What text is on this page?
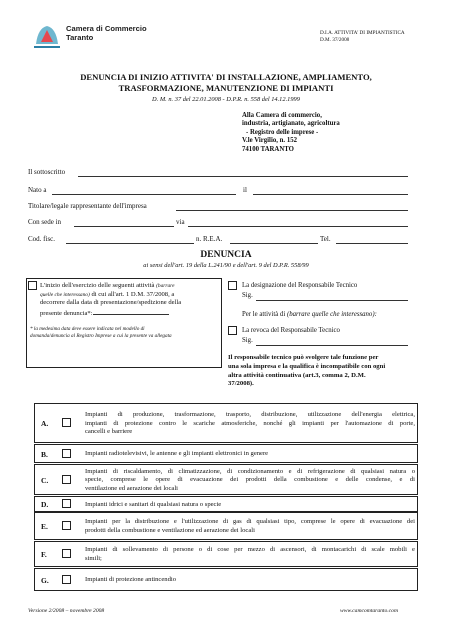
Camera di Commercio
Taranto	D.I.A. ATTIVITA' DI IMPIANTISTICA
D.M. 37/2008
DENUNCIA DI INIZIO ATTIVITA' DI INSTALLAZIONE, AMPLIAMENTO,
TRASFORMAZIONE, MANUTENZIONE DI IMPIANTI
D. M. n. 37 del 22.01.2008 - D.P.R. n. 558 del 14.12.1999
Alla Camera di commercio,
industria, artigianato, agricoltura
- Registro delle imprese -
V.le Virgilio, n. 152
74100 TARANTO
Il sottoscritto
Nato a	il
Titolare/legale rappresentante dell'impresa
Con sede in	via
Cod. fisc.	n. R.E.A.	Tel.
DENUNCIA
ai sensi dell'art. 19 della L.241/90 e dell'art. 9 del D.P.R. 558/99
L'inizio dell'esercizio delle seguenti attività (barrare
quelle che interessano) di cui all'art. 1 D.M. 37/2008, a
decorrere dalla data di presentazione/spedizione della
presente denuncia*:
* la medesima data deve essere indicata nel modello di
domanda/denuncia al Registro Imprese a cui la presente va allegata
La designazione del Responsabile Tecnico
Sig.
Per le attività di (barrare quelle che interessano):
La revoca del Responsabile Tecnico
Sig.
Il responsabile tecnico può svolgere tale funzione per
una sola impresa e la qualifica è incompatibile con ogni
altra attività continuativa (art.3, comma 2, D.M.
37/2008).
A.
Impianti di produzione, trasformazione, trasporto, distribuzione, utilizzazione dell'energia elettrica,
impianti di protezione contro le scariche atmosferiche, nonché gli impianti per l'automazione di porte,
cancelli e barriere
B.	Impianti radiotelevisivi, le antenne e gli impianti elettronici in genere
C.
Impianti di riscaldamento, di climatizzazione, di condizionamento e di refrigerazione di qualsiasi natura o
specie, comprese le opere di evacuazione dei prodotti della combustione e delle condense, e di
ventilazione ed aerazione dei locali
D.	Impianti idrici e sanitari di qualsiasi natura o specie
E.
Impianti per la distribuzione e l'utilizzazione di gas di qualsiasi tipo, comprese le opere di evacuazione dei
prodotti della combustione e ventilazione ed aerazione dei locali
F.
Impianti di sollevamento di persone o di cose per mezzo di ascensori, di montacarichi di scale mobili e
simili;
G.	Impianti di protezione antincendio
Versione 2/2008 – novembre 2008	www.camcomtaranto.com
